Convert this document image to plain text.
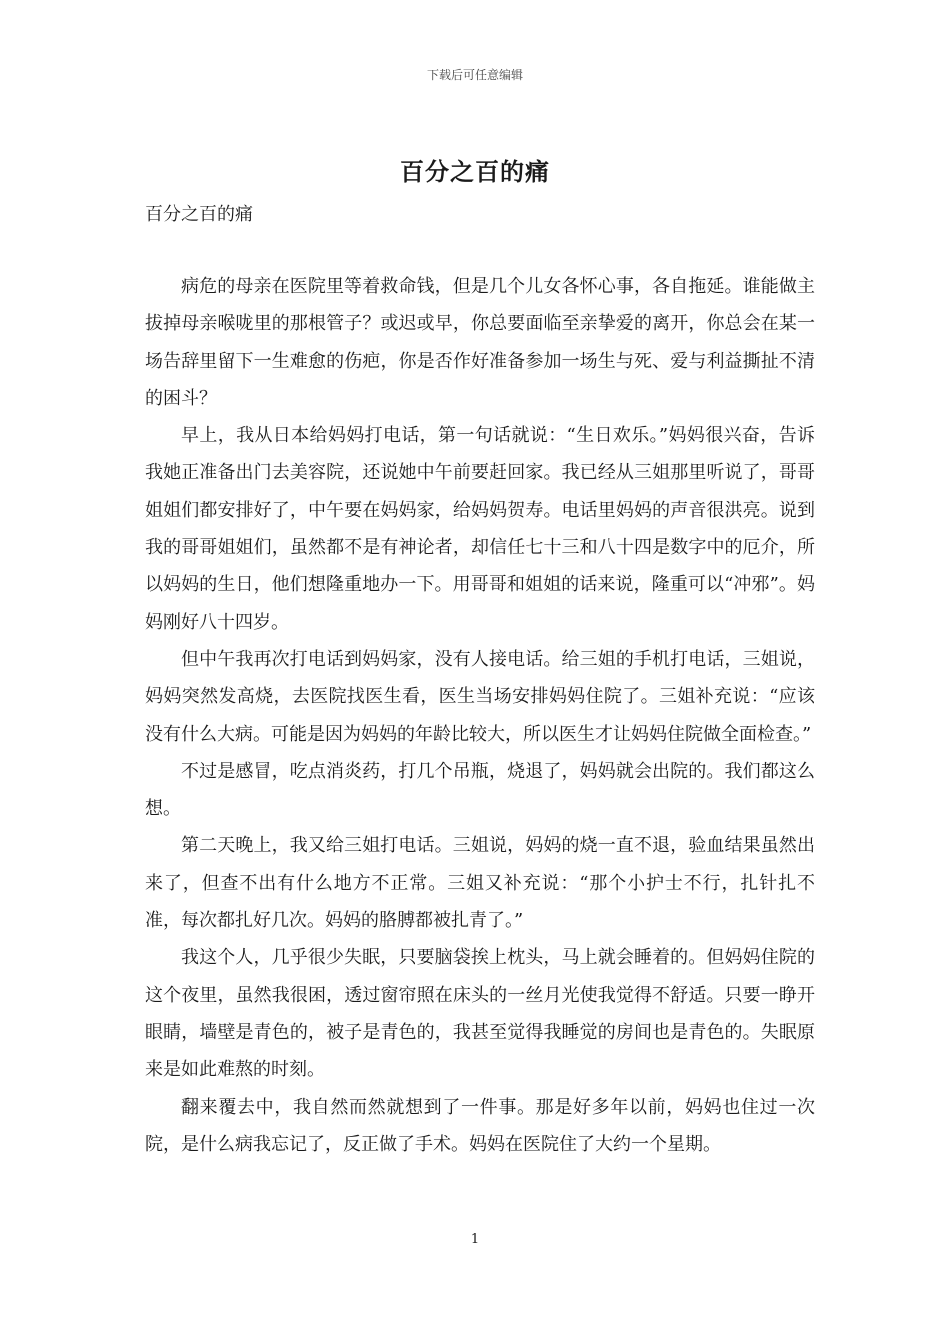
下载后可任意编辑
百分之百的痛
百分之百的痛

病危的母亲在医院里等着救命钱，但是几个儿女各怀心事，各自拖延。谁能做主拔掉母亲喉咙里的那根管子？或迟或早，你总要面临至亲挚爱的离开，你总会在某一场告辞里留下一生难愈的伤疤，你是否作好准备参加一场生与死、爱与利益撕扯不清的困斗？

早上，我从日本给妈妈打电话，第一句话就说：“生日欢乐。”妈妈很兴奋，告诉我她正准备出门去美容院，还说她中午前要赶回家。我已经从三姐那里听说了，哥哥姐姐们都安排好了，中午要在妈妈家，给妈妈贺寿。电话里妈妈的声音很洪亮。说到我的哥哥姐姐们，虽然都不是有神论者，却信任七十三和八十四是数字中的厄介，所以妈妈的生日，他们想隆重地办一下。用哥哥和姐姐的话来说，隆重可以“冲邪”。妈妈刚好八十四岁。

但中午我再次打电话到妈妈家，没有人接电话。给三姐的手机打电话，三姐说，妈妈突然发高烧，去医院找医生看，医生当场安排妈妈住院了。三姐补充说：“应该没有什么大病。可能是因为妈妈的年龄比较大，所以医生才让妈妈住院做全面检查。”

不过是感冒，吃点消炎药，打几个吊瓶，烧退了，妈妈就会出院的。我们都这么想。

第二天晚上，我又给三姐打电话。三姐说，妈妈的烧一直不退，验血结果虽然出来了，但查不出有什么地方不正常。三姐又补充说：“那个小护士不行，扎针扎不准，每次都扎好几次。妈妈的胳膊都被扎青了。”

我这个人，几乎很少失眠，只要脑袋挨上枕头，马上就会睡着的。但妈妈住院的这个夜里，虽然我很困，透过窗帘照在床头的一丝月光使我觉得不舒适。只要一睁开眼睛，墙壁是青色的，被子是青色的，我甚至觉得我睡觉的房间也是青色的。失眠原来是如此难熬的时刻。

翻来覆去中，我自然而然就想到了一件事。那是好多年以前，妈妈也住过一次院，是什么病我忘记了，反正做了手术。妈妈在医院住了大约一个星期。

1
